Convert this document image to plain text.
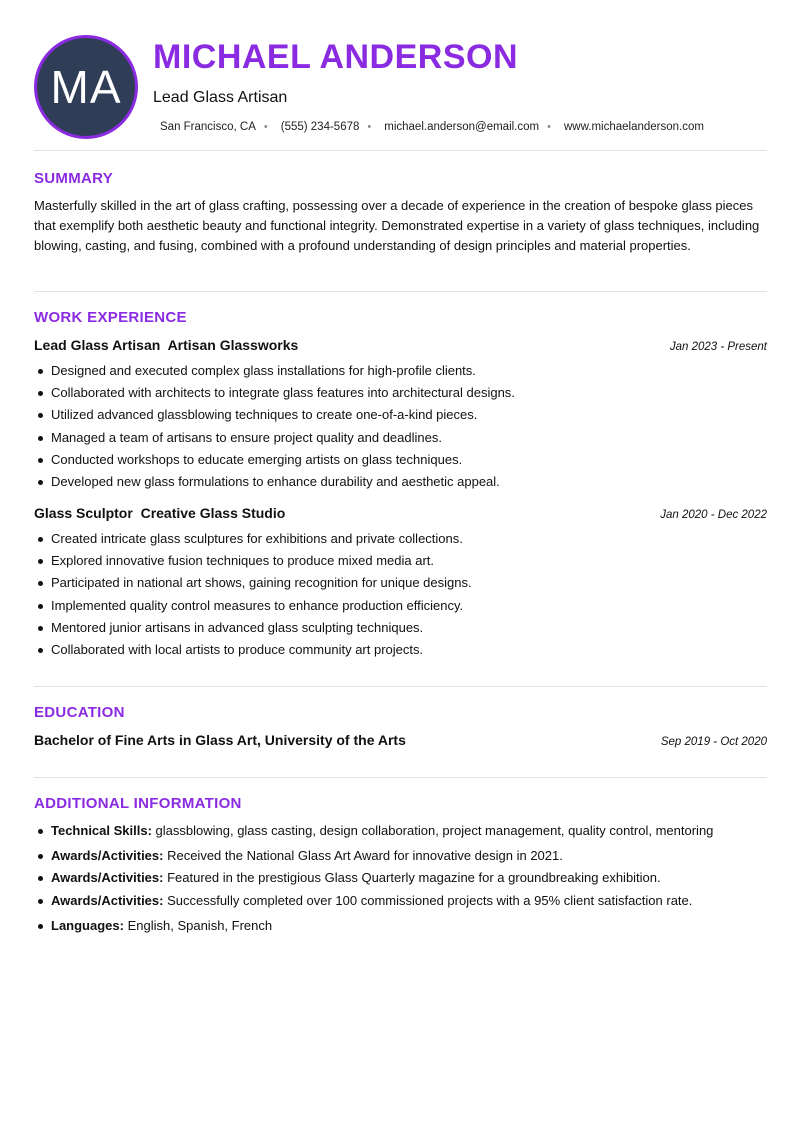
MA
MICHAEL ANDERSON
Lead Glass Artisan
San Francisco, CA • (555) 234-5678 • michael.anderson@email.com • www.michaelanderson.com
SUMMARY
Masterfully skilled in the art of glass crafting, possessing over a decade of experience in the creation of bespoke glass pieces that exemplify both aesthetic beauty and functional integrity. Demonstrated expertise in a variety of glass techniques, including blowing, casting, and fusing, combined with a profound understanding of design principles and material properties.
WORK EXPERIENCE
Lead Glass Artisan  Artisan Glassworks	Jan 2023 - Present
Designed and executed complex glass installations for high-profile clients.
Collaborated with architects to integrate glass features into architectural designs.
Utilized advanced glassblowing techniques to create one-of-a-kind pieces.
Managed a team of artisans to ensure project quality and deadlines.
Conducted workshops to educate emerging artists on glass techniques.
Developed new glass formulations to enhance durability and aesthetic appeal.
Glass Sculptor  Creative Glass Studio	Jan 2020 - Dec 2022
Created intricate glass sculptures for exhibitions and private collections.
Explored innovative fusion techniques to produce mixed media art.
Participated in national art shows, gaining recognition for unique designs.
Implemented quality control measures to enhance production efficiency.
Mentored junior artisans in advanced glass sculpting techniques.
Collaborated with local artists to produce community art projects.
EDUCATION
Bachelor of Fine Arts in Glass Art, University of the Arts	Sep 2019 - Oct 2020
ADDITIONAL INFORMATION
Technical Skills: glassblowing, glass casting, design collaboration, project management, quality control, mentoring
Awards/Activities: Received the National Glass Art Award for innovative design in 2021.
Awards/Activities: Featured in the prestigious Glass Quarterly magazine for a groundbreaking exhibition.
Awards/Activities: Successfully completed over 100 commissioned projects with a 95% client satisfaction rate.
Languages: English, Spanish, French
